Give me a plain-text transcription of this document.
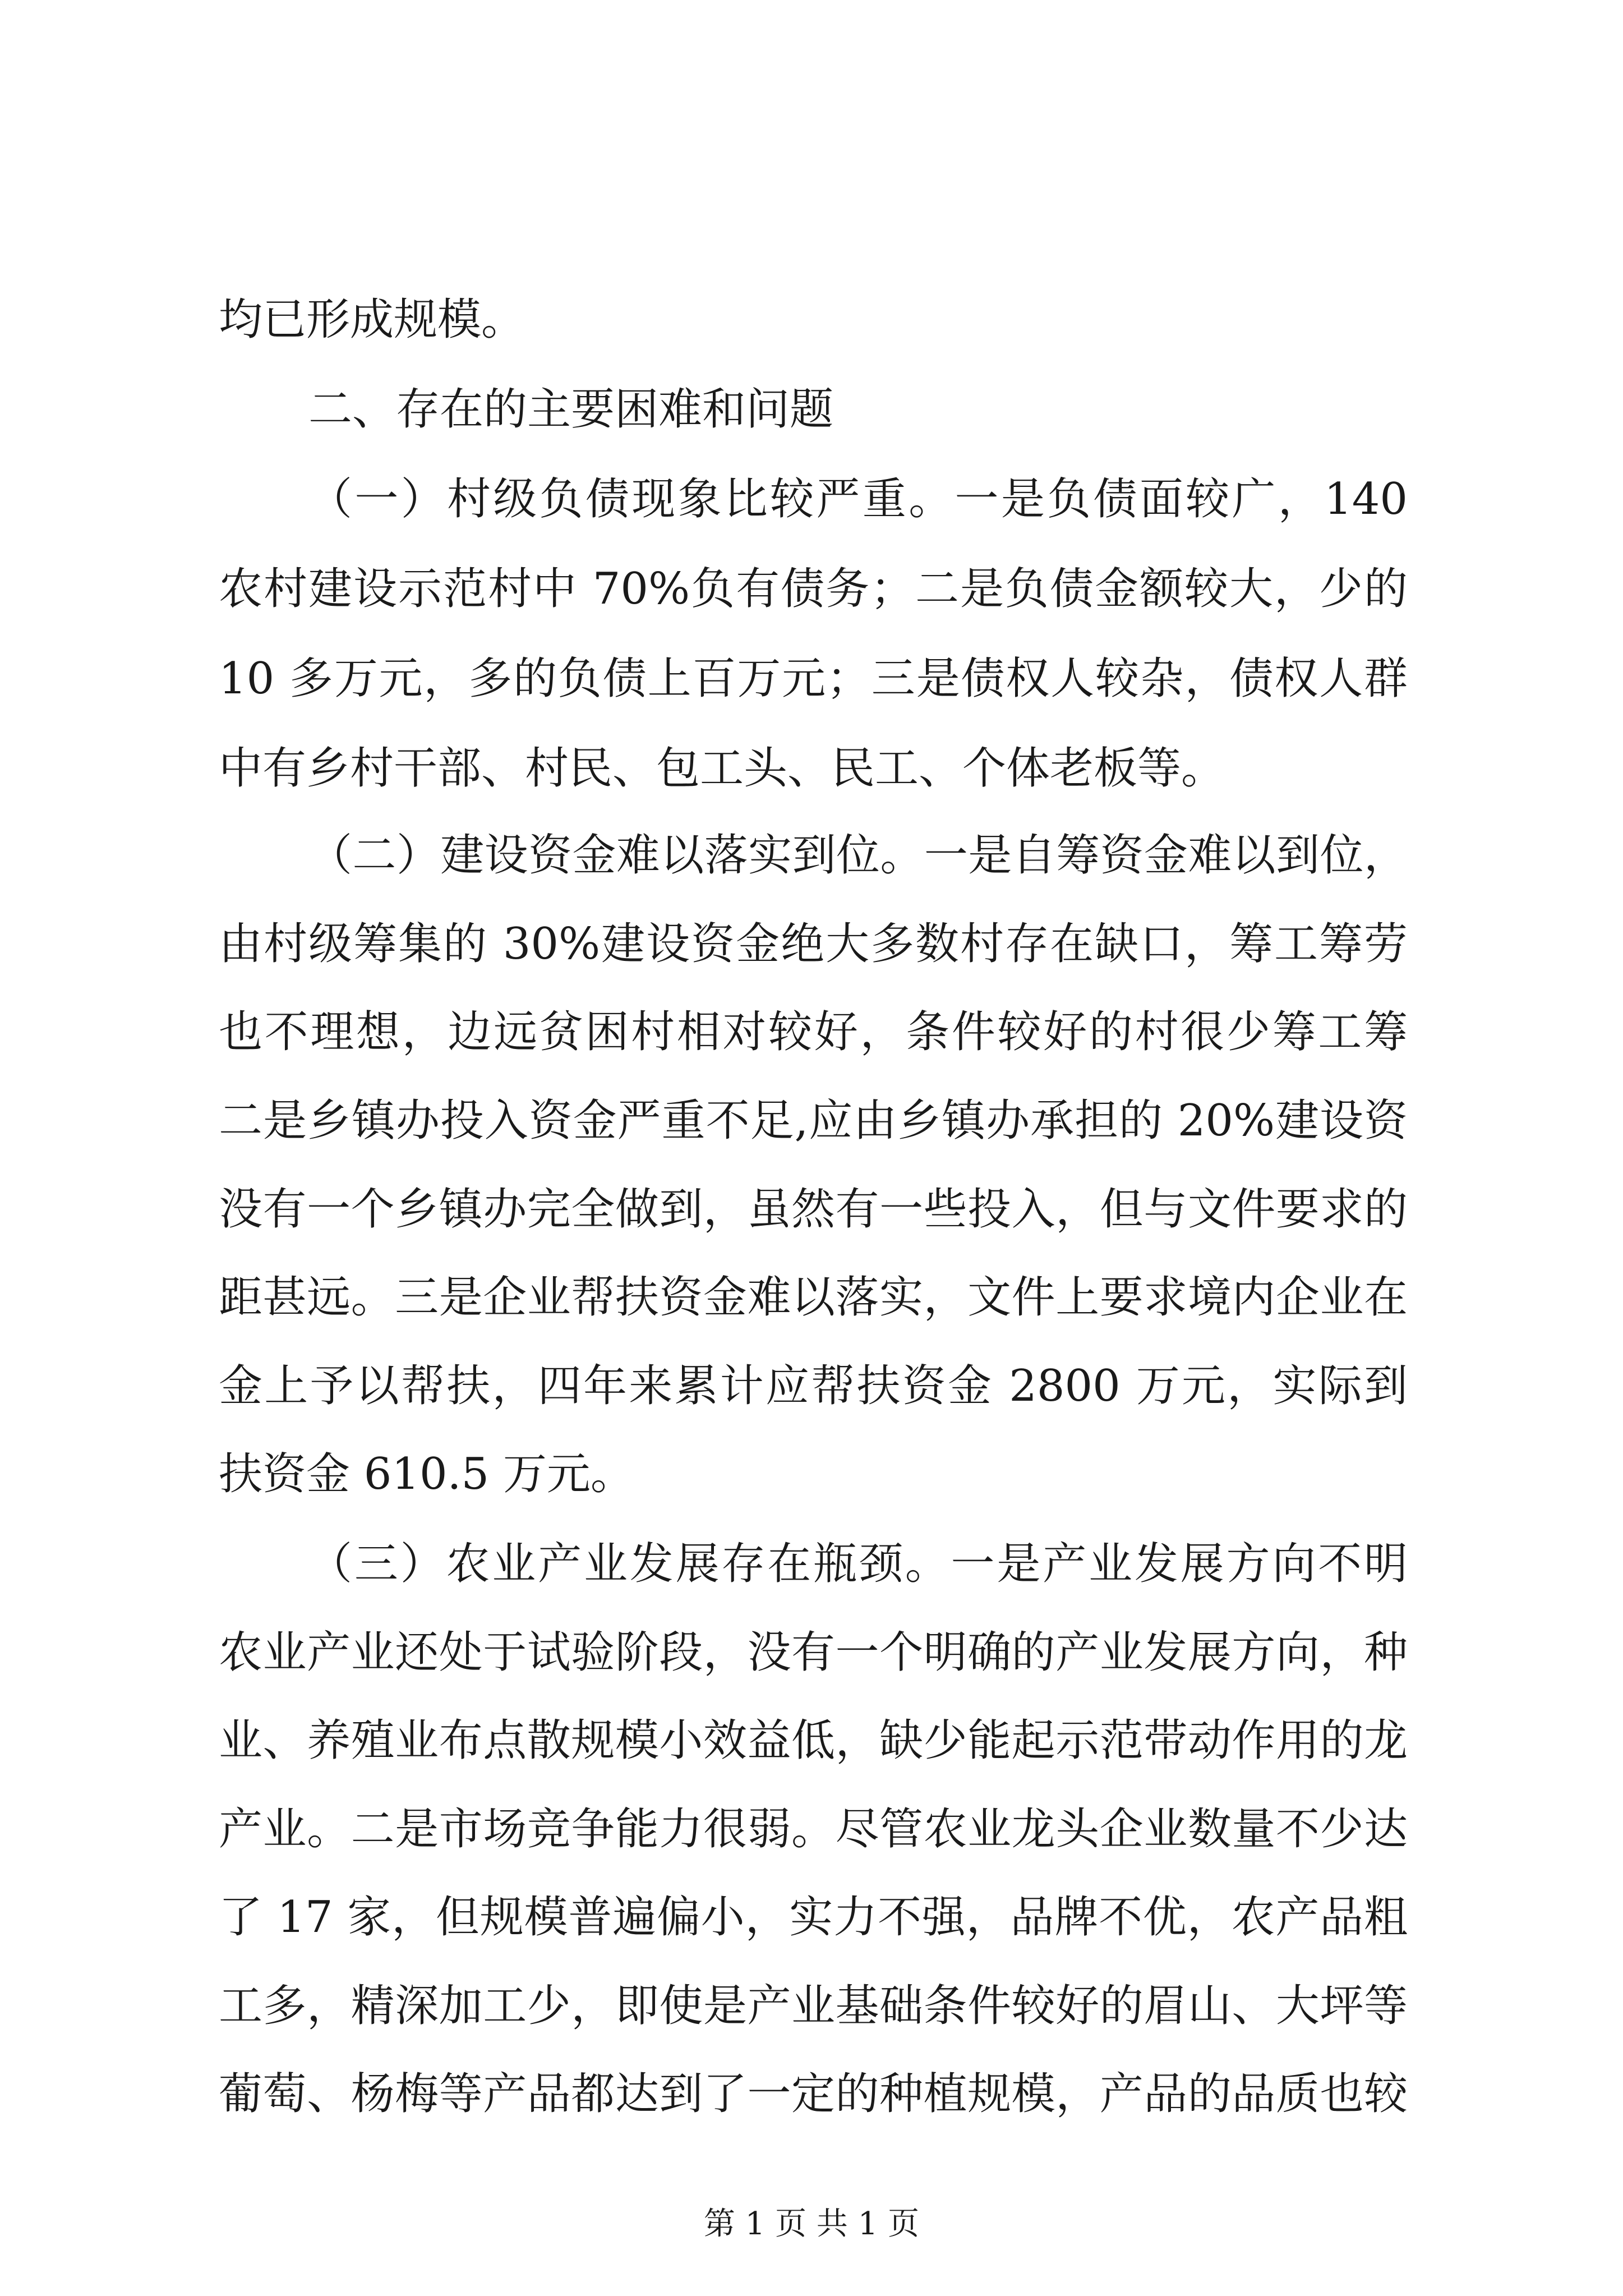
均已形成规模。
二、存在的主要困难和问题
（一）村级负债现象比较严重。一是负债面较广，140
农村建设示范村中 70%负有债务；二是负债金额较大，少的
10 多万元，多的负债上百万元；三是债权人较杂，债权人群
中有乡村干部、村民、包工头、民工、个体老板等。
（二）建设资金难以落实到位。一是自筹资金难以到位，
由村级筹集的 30%建设资金绝大多数村存在缺口，筹工筹劳
也不理想，边远贫困村相对较好，条件较好的村很少筹工筹
二是乡镇办投入资金严重不足,应由乡镇办承担的 20%建设资
没有一个乡镇办完全做到，虽然有一些投入，但与文件要求的
距甚远。三是企业帮扶资金难以落实，文件上要求境内企业在
金上予以帮扶，四年来累计应帮扶资金 2800 万元，实际到
扶资金 610.5 万元。
（三）农业产业发展存在瓶颈。一是产业发展方向不明
农业产业还处于试验阶段，没有一个明确的产业发展方向，种
业、养殖业布点散规模小效益低，缺少能起示范带动作用的龙
产业。二是市场竞争能力很弱。尽管农业龙头企业数量不少达
了 17 家，但规模普遍偏小，实力不强，品牌不优，农产品粗
工多，精深加工少，即使是产业基础条件较好的眉山、大坪等
葡萄、杨梅等产品都达到了一定的种植规模，产品的品质也较
第 1 页 共 1 页
